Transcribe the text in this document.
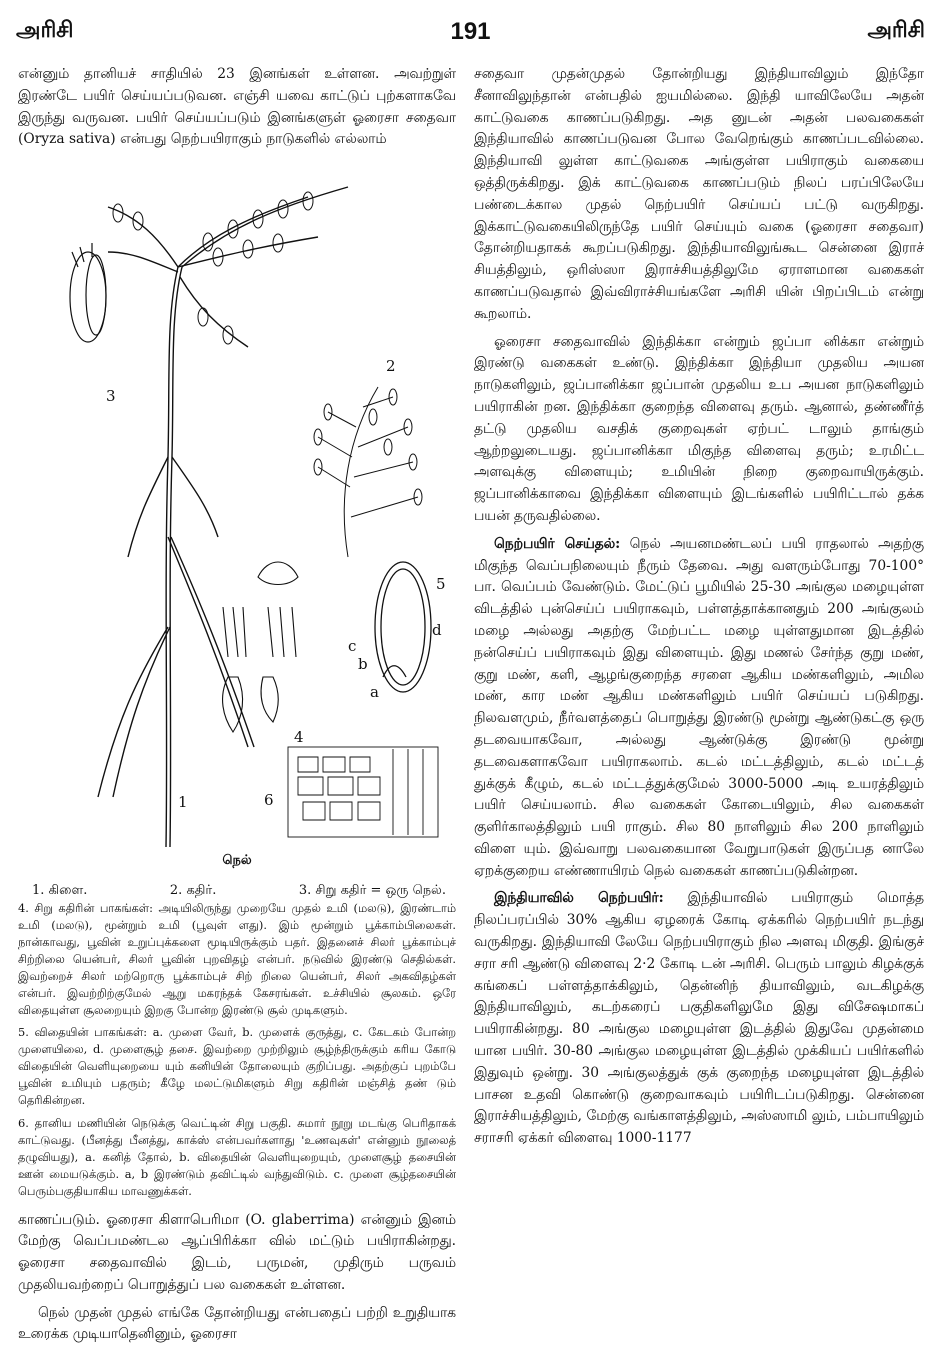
அரிசி	191	அரிசி

என்னும் தானியச் சாதியில் 23 இனங்கள் உள்ளன. அவற்றுள் இரண்டே பயிர் செய்யப்படுவன. எஞ்சி யவை காட்டுப் புற்களாகவே இருந்து வருவன. பயிர் செய்யப்படும் இனங்களுள் ஓரைசா சதைவா (Oryza sativa) என்பது நெற்பயிராகும் நாடுகளில் எல்லாம்

1
2
3
4
5
6
a
b
c
d
நெல்
1. கிளை.	2. கதிர்.	3. சிறு கதிர் = ஒரு நெல்.

4. சிறு கதிரின் பாகங்கள்: அடியிலிருந்து முறையே முதல் உமி (மலடு), இரண்டாம் உமி (மலடு), மூன்றும் உமி (பூவுள் ளது). இம் மூன்றும் பூக்காம்பிலைகள். நான்காவது, பூவின் உறுப்புக்களை மூடியிருக்கும் பதர். இதனைச் சிலர் பூக்காம்புச் சிற்றிலை யென்பர், சிலர் பூவின் புறவிதழ் என்பர். நடுவில் இரண்டு செதில்கள். இவற்றைச் சிலர் மற்றொரு பூக்காம்புச் சிற் றிலை யென்பர், சிலர் அகவிதழ்கள் என்பர். இவற்றிற்குமேல் ஆறு மகரந்தக் கேசரங்கள். உச்சியில் சூலகம். ஒரே விதையுள்ள சூலறையும் இறகு போன்ற இரண்டு சூல் முடிகளும்.

5. விதையின் பாகங்கள்: a. முளை வேர், b. முளைக் குருத்து, c. கேடகம் போன்ற முளையிலை, d. முளைசூழ் தசை. இவற்றை முற்றிலும் சூழ்ந்திருக்கும் கரிய கோடு விதையின் வெளியுறையை யும் கனியின் தோலையும் குறிப்பது. அதற்குப் புறம்பே பூவின் உமியும் பதரும்; கீழே மலட்டுமிகளும் சிறு கதிரின் மஞ்சித் தண் டும் தெரிகின்றன.

6. தானிய மணியின் நெடுக்கு வெட்டின் சிறு பகுதி. சுமார் நூறு மடங்கு பெரிதாகக் காட்டுவது. (பீனத்து பீனத்து, காக்ஸ் என்பவர்களாது 'உணவுகள்' என்னும் நூலைத் தழுவியது), a. கனித் தோல், b. விதையின் வெளியுறையும், முளைசூழ் தசையின் ஊன் மையடுக்கும். a, b இரண்டும் தவிட்டில் வந்துவிடும். c. முளை சூழ்தசையின் பெரும்பகுதியாகிய மாவணுக்கள்.

காணப்படும். ஓரைசா கிளாபெரிமா (O. glaberrima) என்னும் இனம் மேற்கு வெப்பமண்டல ஆப்பிரிக்கா வில் மட்டும் பயிராகின்றது. ஓரைசா சதைவாவில் இடம், பருமன், முதிரும் பருவம் முதலியவற்றைப் பொறுத்துப் பல வகைகள் உள்ளன.

நெல் முதன் முதல் எங்கே தோன்றியது என்பதைப் பற்றி உறுதியாக உரைக்க முடியாதெனினும், ஓரைசா

சதைவா முதன்முதல் தோன்றியது இந்தியாவிலும் இந்தோ சீனாவிலுந்தான் என்பதில் ஐயமில்லை. இந்தி யாவிலேயே அதன் காட்டுவகை காணப்படுகிறது. அத னுடன் அதன் பலவகைகள் இந்தியாவில் காணப்படுவன போல வேறெங்கும் காணப்படவில்லை. இந்தியாவி லுள்ள காட்டுவகை அங்குள்ள பயிராகும் வகையை ஒத்திருக்கிறது. இக் காட்டுவகை காணப்படும் நிலப் பரப்பிலேயே பண்டைக்கால முதல் நெற்பயிர் செய்யப் பட்டு வருகிறது. இக்காட்டுவகையிலிருந்தே பயிர் செய்யும் வகை (ஓரைசா சதைவா) தோன்றியதாகக் கூறப்படுகிறது. இந்தியாவிலுங்கூட சென்னை இராச் சியத்திலும், ஒரிஸ்ஸா இராச்சியத்திலுமே ஏராளமான வகைகள் காணப்படுவதால் இவ்விராச்சியங்களே அரிசி யின் பிறப்பிடம் என்று கூறலாம்.

ஓரைசா சதைவாவில் இந்திக்கா என்றும் ஜப்பா னிக்கா என்றும் இரண்டு வகைகள் உண்டு. இந்திக்கா இந்தியா முதலிய அயன நாடுகளிலும், ஜப்பானிக்கா ஜப்பான் முதலிய உப அயன நாடுகளிலும் பயிராகின் றன. இந்திக்கா குறைந்த விளைவு தரும். ஆனால், தண்ணீர்த் தட்டு முதலிய வசதிக் குறைவுகள் ஏற்பட் டாலும் தாங்கும் ஆற்றலுடையது. ஜப்பானிக்கா மிகுந்த விளைவு தரும்; உரமிட்ட அளவுக்கு விளையும்; உமியின் நிறை குறைவாயிருக்கும். ஜப்பானிக்காவை இந்திக்கா விளையும் இடங்களில் பயிரிட்டால் தக்க பயன் தருவதில்லை.

நெற்பயிர் செய்தல்: நெல் அயனமண்டலப் பயி ராதலால் அதற்கு மிகுந்த வெப்பநிலையும் நீரும் தேவை. அது வளரும்போது 70-100° பா. வெப்பம் வேண்டும். மேட்டுப் பூமியில் 25-30 அங்குல மழையுள்ள விடத்தில் புன்செய்ப் பயிராகவும், பள்ளத்தாக்கானதும் 200 அங்குலம் மழை அல்லது அதற்கு மேற்பட்ட மழை யுள்ளதுமான இடத்தில் நன்செய்ப் பயிராகவும் இது விளையும். இது மணல் சேர்ந்த குறு மண், குறு மண், களி, ஆழங்குறைந்த சரளை ஆகிய மண்களிலும், அமில மண், கார மண் ஆகிய மண்களிலும் பயிர் செய்யப் படுகிறது. நிலவளமும், நீர்வளத்தைப் பொறுத்து இரண்டு மூன்று ஆண்டுகட்கு ஒரு தடவையாகவோ, அல்லது ஆண்டுக்கு இரண்டு மூன்று தடவைகளாகவோ பயிராகலாம். கடல் மட்டத்திலும், கடல் மட்டத் துக்குக் கீழும், கடல் மட்டத்துக்குமேல் 3000-5000 அடி உயரத்திலும் பயிர் செய்யலாம். சில வகைகள் கோடையிலும், சில வகைகள் குளிர்காலத்திலும் பயி ராகும். சில 80 நாளிலும் சில 200 நாளிலும் விளை யும். இவ்வாறு பலவகையான வேறுபாடுகள் இருப்பத னாலே ஏறக்குறைய எண்ணாயிரம் நெல் வகைகள் காணப்படுகின்றன.

இந்தியாவில் நெற்பயிர்: இந்தியாவில் பயிராகும் மொத்த நிலப்பரப்பில் 30% ஆகிய ஏழரைக் கோடி ஏக்கரில் நெற்பயிர் நடந்து வருகிறது. இந்தியாவி லேயே நெற்பயிராகும் நில அளவு மிகுதி. இங்குச் சரா சரி ஆண்டு விளைவு 2·2 கோடி டன் அரிசி. பெரும் பாலும் கிழக்குக் கங்கைப் பள்ளத்தாக்கிலும், தென்னிந் தியாவிலும், வடகிழக்கு இந்தியாவிலும், கடற்கரைப் பகுதிகளிலுமே இது விசேஷமாகப் பயிராகின்றது. 80 அங்குல மழையுள்ள இடத்தில் இதுவே முதன்மை யான பயிர். 30-80 அங்குல மழையுள்ள இடத்தில் முக்கியப் பயிர்களில் இதுவும் ஒன்று. 30 அங்குலத்துக் குக் குறைந்த மழையுள்ள இடத்தில் பாசன உதவி கொண்டு குறைவாகவும் பயிரிடப்படுகிறது. சென்னை இராச்சியத்திலும், மேற்கு வங்காளத்திலும், அஸ்ஸாமி லும், பம்பாயிலும் சராசரி ஏக்கர் விளைவு 1000-1177
